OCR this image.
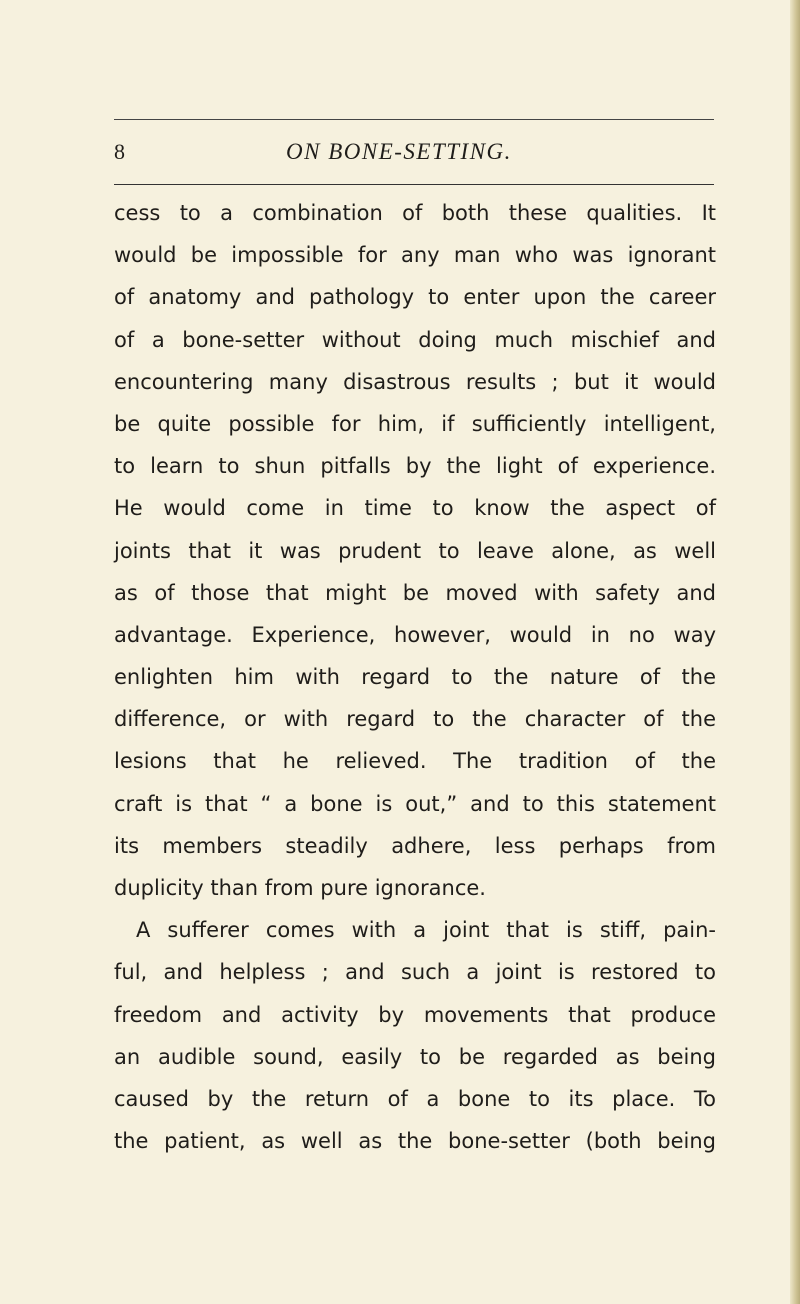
8	ON BONE-SETTING.
cess to a combination of both these qualities. It
would be impossible for any man who was ignorant
of anatomy and pathology to enter upon the career
of a bone-setter without doing much mischief and
encountering many disastrous results ; but it would
be quite possible for him, if sufficiently intelligent,
to learn to shun pitfalls by the light of experience.
He would come in time to know the aspect of
joints that it was prudent to leave alone, as well
as of those that might be moved with safety and
advantage. Experience, however, would in no way
enlighten him with regard to the nature of the
difference, or with regard to the character of the
lesions that he relieved. The tradition of the
craft is that “ a bone is out,” and to this statement
its members steadily adhere, less perhaps from
duplicity than from pure ignorance.
A sufferer comes with a joint that is stiff, pain-
ful, and helpless ; and such a joint is restored to
freedom and activity by movements that produce
an audible sound, easily to be regarded as being
caused by the return of a bone to its place. To
the patient, as well as the bone-setter (both being
